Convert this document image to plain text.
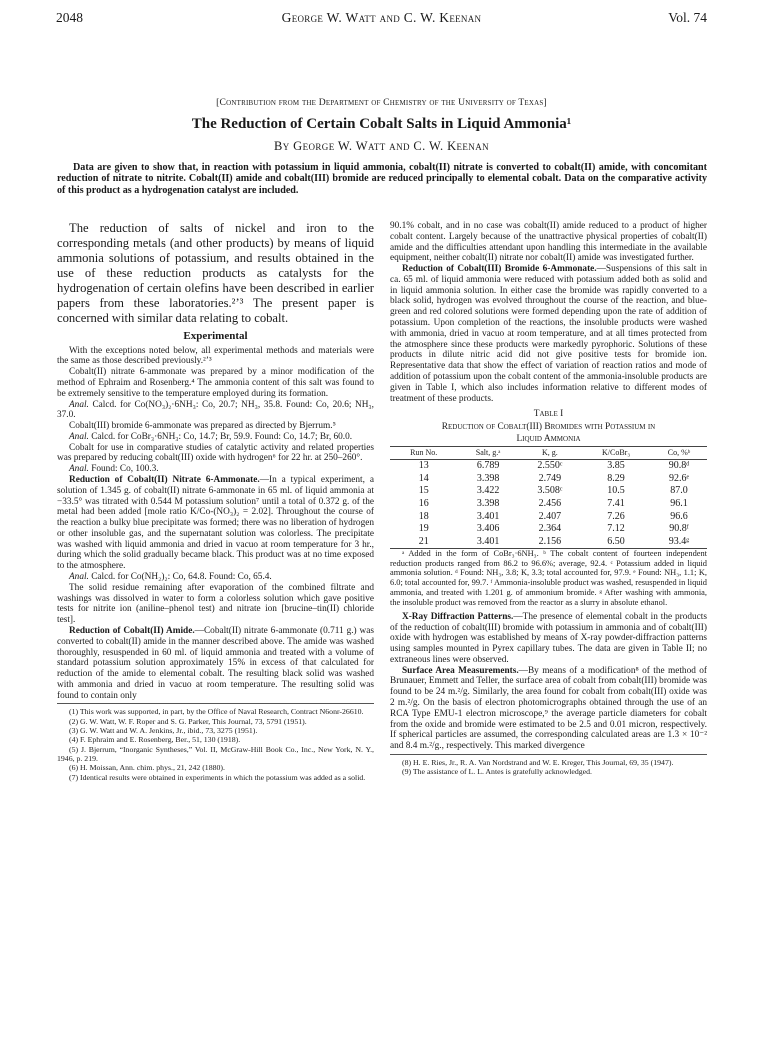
2048	George W. Watt and C. W. Keenan	Vol. 74
[Contribution from the Department of Chemistry of the University of Texas]
The Reduction of Certain Cobalt Salts in Liquid Ammonia¹
By George W. Watt and C. W. Keenan
Data are given to show that, in reaction with potassium in liquid ammonia, cobalt(II) nitrate is converted to cobalt(II) amide, with concomitant reduction of nitrate to nitrite. Cobalt(II) amide and cobalt(III) bromide are reduced principally to elemental cobalt. Data on the comparative activity of this product as a hydrogenation catalyst are included.

The reduction of salts of nickel and iron to the corresponding metals (and other products) by means of liquid ammonia solutions of potassium, and results obtained in the use of these reduction products as catalysts for the hydrogenation of certain olefins have been described in earlier papers from these laboratories.²ʼ³ The present paper is concerned with similar data relating to cobalt.

Experimental

With the exceptions noted below, all experimental methods and materials were the same as those described previously.²ʼ³

Cobalt(II) nitrate 6-ammonate was prepared by a minor modification of the method of Ephraim and Rosenberg.⁴ The ammonia content of this salt was found to be extremely sensitive to the temperature employed during its formation.

Anal. Calcd. for Co(NO₃)₂·6NH₃: Co, 20.7; NH₃, 35.8. Found: Co, 20.6; NH₃, 37.0.

Cobalt(III) bromide 6-ammonate was prepared as directed by Bjerrum.⁵

Anal. Calcd. for CoBr₃·6NH₃: Co, 14.7; Br, 59.9. Found: Co, 14.7; Br, 60.0.

Cobalt for use in comparative studies of catalytic activity and related properties was prepared by reducing cobalt(III) oxide with hydrogen⁶ for 22 hr. at 250–260°.

Anal. Found: Co, 100.3.

Reduction of Cobalt(II) Nitrate 6-Ammonate.—In a typical experiment, a solution of 1.345 g. of cobalt(II) nitrate 6-ammonate in 65 ml. of liquid ammonia at −33.5° was titrated with 0.544 M potassium solution⁷ until a total of 0.372 g. of the metal had been added [mole ratio K/Co-(NO₃)₂ = 2.02]. Throughout the course of the reaction a bulky blue precipitate was formed; there was no liberation of hydrogen or other insoluble gas, and the supernatant solution was colorless. The precipitate was washed with liquid ammonia and dried in vacuo at room temperature for 3 hr., during which the solid gradually became black. This product was at no time exposed to the atmosphere.

Anal. Calcd. for Co(NH₂)₂: Co, 64.8. Found: Co, 65.4.

The solid residue remaining after evaporation of the combined filtrate and washings was dissolved in water to form a colorless solution which gave positive tests for nitrite ion (aniline–phenol test) and nitrate ion [brucine–tin(II) chloride test].

Reduction of Cobalt(II) Amide.—Cobalt(II) nitrate 6-ammonate (0.711 g.) was converted to cobalt(II) amide in the manner described above. The amide was washed thoroughly, resuspended in 60 ml. of liquid ammonia and treated with a volume of standard potassium solution approximately 15% in excess of that calculated for reduction of the amide to elemental cobalt. The resulting black solid was washed with ammonia and dried in vacuo at room temperature. The resulting solid was found to contain only

(1) This work was supported, in part, by the Office of Naval Research, Contract N6onr-26610.

(2) G. W. Watt, W. F. Roper and S. G. Parker, This Journal, 73, 5791 (1951).

(3) G. W. Watt and W. A. Jenkins, Jr., ibid., 73, 3275 (1951).

(4) F. Ephraim and E. Rosenberg, Ber., 51, 130 (1918).

(5) J. Bjerrum, “Inorganic Syntheses,” Vol. II, McGraw-Hill Book Co., Inc., New York, N. Y., 1946, p. 219.

(6) H. Moissan, Ann. chim. phys., 21, 242 (1880).

(7) Identical results were obtained in experiments in which the potassium was added as a solid.

90.1% cobalt, and in no case was cobalt(II) amide reduced to a product of higher cobalt content. Largely because of the unattractive physical properties of cobalt(II) amide and the difficulties attendant upon handling this intermediate in the available equipment, neither cobalt(II) nitrate nor cobalt(II) amide was investigated further.

Reduction of Cobalt(III) Bromide 6-Ammonate.—Suspensions of this salt in ca. 65 ml. of liquid ammonia were reduced with potassium added both as solid and in liquid ammonia solution. In either case the bromide was rapidly converted to a black solid, hydrogen was evolved throughout the course of the reaction, and blue-green and red colored solutions were formed depending upon the rate of addition of potassium. Upon completion of the reactions, the insoluble products were washed with ammonia, dried in vacuo at room temperature, and at all times protected from the atmosphere since these products were markedly pyrophoric. Solutions of these products in dilute nitric acid did not give positive tests for bromide ion. Representative data that show the effect of variation of reaction ratios and mode of addition of potassium upon the cobalt content of the ammonia-insoluble products are given in Table I, which also includes information relative to different modes of treatment of these products.

Table I
Reduction of Cobalt(III) Bromides with Potassium in
Liquid Ammonia
Run No.	Salt, g.ᵃ	K, g.	K/CoBr₃	Co, %ᵇ
13	6.789	2.550ᶜ	3.85	90.8ᵈ
14	3.398	2.749	8.29	92.6ᵉ
15	3.422	3.508ᶜ	10.5	87.0
16	3.398	2.456	7.41	96.1
18	3.401	2.407	7.26	96.6
19	3.406	2.364	7.12	90.8ᶠ
21	3.401	2.156	6.50	93.4ᵍ

ᵃ Added in the form of CoBr₃·6NH₃. ᵇ The cobalt content of fourteen independent reduction products ranged from 86.2 to 96.6%; average, 92.4. ᶜ Potassium added in liquid ammonia solution. ᵈ Found: NH₃, 3.8; K, 3.3; total accounted for, 97.9. ᵉ Found: NH₃, 1.1; K, 6.0; total accounted for, 99.7. ᶠ Ammonia-insoluble product was washed, resuspended in liquid ammonia, and treated with 1.201 g. of ammonium bromide. ᵍ After washing with ammonia, the insoluble product was removed from the reactor as a slurry in absolute ethanol.

X-Ray Diffraction Patterns.—The presence of elemental cobalt in the products of the reduction of cobalt(III) bromide with potassium in ammonia and of cobalt(III) oxide with hydrogen was established by means of X-ray powder-diffraction patterns using samples mounted in Pyrex capillary tubes. The data are given in Table II; no extraneous lines were observed.

Surface Area Measurements.—By means of a modification⁸ of the method of Brunauer, Emmett and Teller, the surface area of cobalt from cobalt(III) bromide was found to be 24 m.²/g. Similarly, the area found for cobalt from cobalt(III) oxide was 2 m.²/g. On the basis of electron photomicrographs obtained through the use of an RCA Type EMU-1 electron microscope,⁹ the average particle diameters for cobalt from the oxide and bromide were estimated to be 2.5 and 0.01 micron, respectively. If spherical particles are assumed, the corresponding calculated areas are 1.3 × 10⁻² and 8.4 m.²/g., respectively. This marked divergence

(8) H. E. Ries, Jr., R. A. Van Nordstrand and W. E. Kreger, This Journal, 69, 35 (1947).

(9) The assistance of L. L. Antes is gratefully acknowledged.
